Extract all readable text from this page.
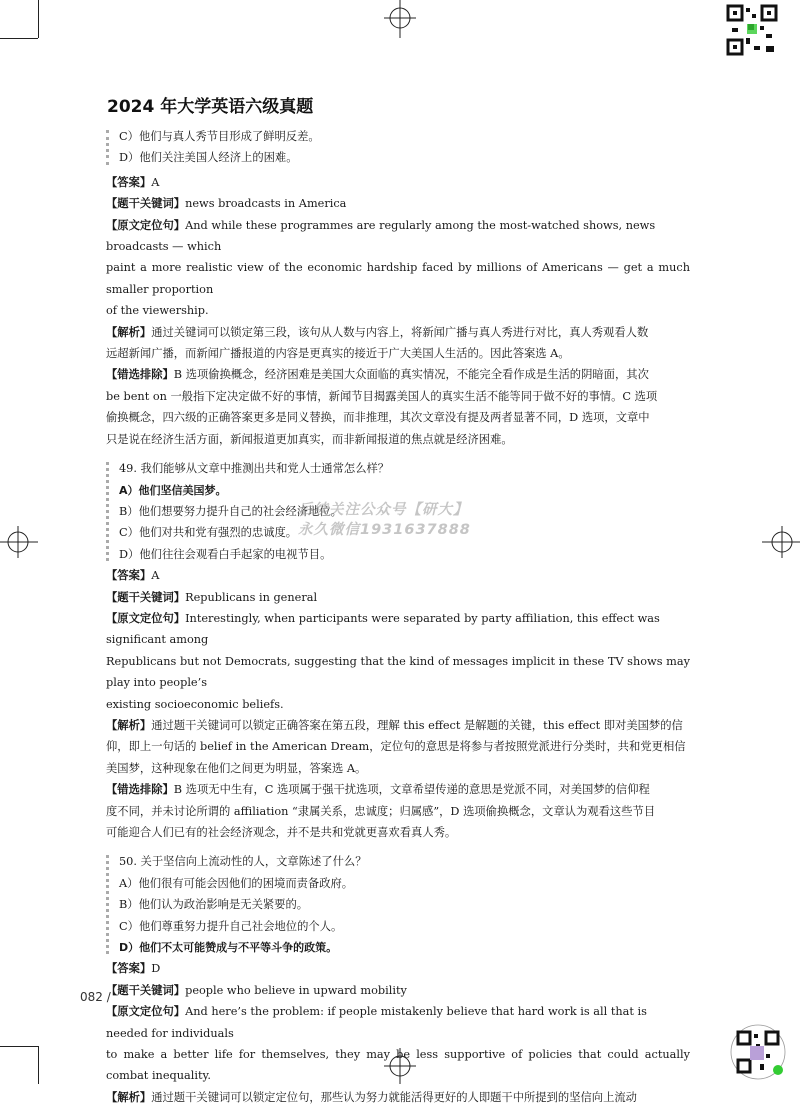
2024 年大学英语六级真题
C）他们与真人秀节目形成了鲜明反差。
D）他们关注美国人经济上的困难。
【答案】A
【题干关键词】news broadcasts in America
【原文定位句】And while these programmes are regularly among the most-watched shows, news broadcasts — which
paint a more realistic view of the economic hardship faced by millions of Americans — get a much smaller proportion
of the viewership.
【解析】通过关键词可以锁定第三段，该句从人数与内容上，将新闻广播与真人秀进行对比，真人秀观看人数
远超新闻广播，而新闻广播报道的内容是更真实的接近于广大美国人生活的。因此答案选 A。
【错选排除】B 选项偷换概念，经济困难是美国大众面临的真实情况，不能完全看作成是生活的阴暗面，其次
be bent on 一般指下定决定做不好的事情，新闻节目揭露美国人的真实生活不能等同于做不好的事情。C 选项
偷换概念，四六级的正确答案更多是同义替换，而非推理，其次文章没有提及两者显著不同，D 选项，文章中
只是说在经济生活方面，新闻报道更加真实，而非新闻报道的焦点就是经济困难。
49. 我们能够从文章中推测出共和党人士通常怎么样？
A）他们坚信美国梦。
B）他们想要努力提升自己的社会经济地位。
C）他们对共和党有强烈的忠诚度。
D）他们往往会观看白手起家的电视节目。
【答案】A
【题干关键词】Republicans in general
【原文定位句】Interestingly, when participants were separated by party affiliation, this effect was significant among
Republicans but not Democrats, suggesting that the kind of messages implicit in these TV shows may play into people’s
existing socioeconomic beliefs.
【解析】通过题干关键词可以锁定正确答案在第五段，理解 this effect 是解题的关键，this effect 即对美国梦的信
仰，即上一句话的 belief in the American Dream，定位句的意思是将参与者按照党派进行分类时，共和党更相信
美国梦，这种现象在他们之间更为明显，答案选 A。
【错选排除】B 选项无中生有，C 选项属于强干扰选项，文章希望传递的意思是党派不同，对美国梦的信仰程
度不同，并未讨论所谓的 affiliation “隶属关系，忠诚度；归属感”，D 选项偷换概念，文章认为观看这些节目
可能迎合人们已有的社会经济观念，并不是共和党就更喜欢看真人秀。
50. 关于坚信向上流动性的人，文章陈述了什么？
A）他们很有可能会因他们的困境而责备政府。
B）他们认为政治影响是无关紧要的。
C）他们尊重努力提升自己社会地位的个人。
D）他们不太可能赞成与不平等斗争的政策。
【答案】D
【题干关键词】people who believe in upward mobility
【原文定位句】And here’s the problem: if people mistakenly believe that hard work is all that is needed for individuals
to make a better life for themselves, they may be less supportive of policies that could actually combat inequality.
【解析】通过题干关键词可以锁定定位句，那些认为努力就能活得更好的人即题干中所提到的坚信向上流动
后续关注公众号【研大】
永久微信1931637888
082 /
